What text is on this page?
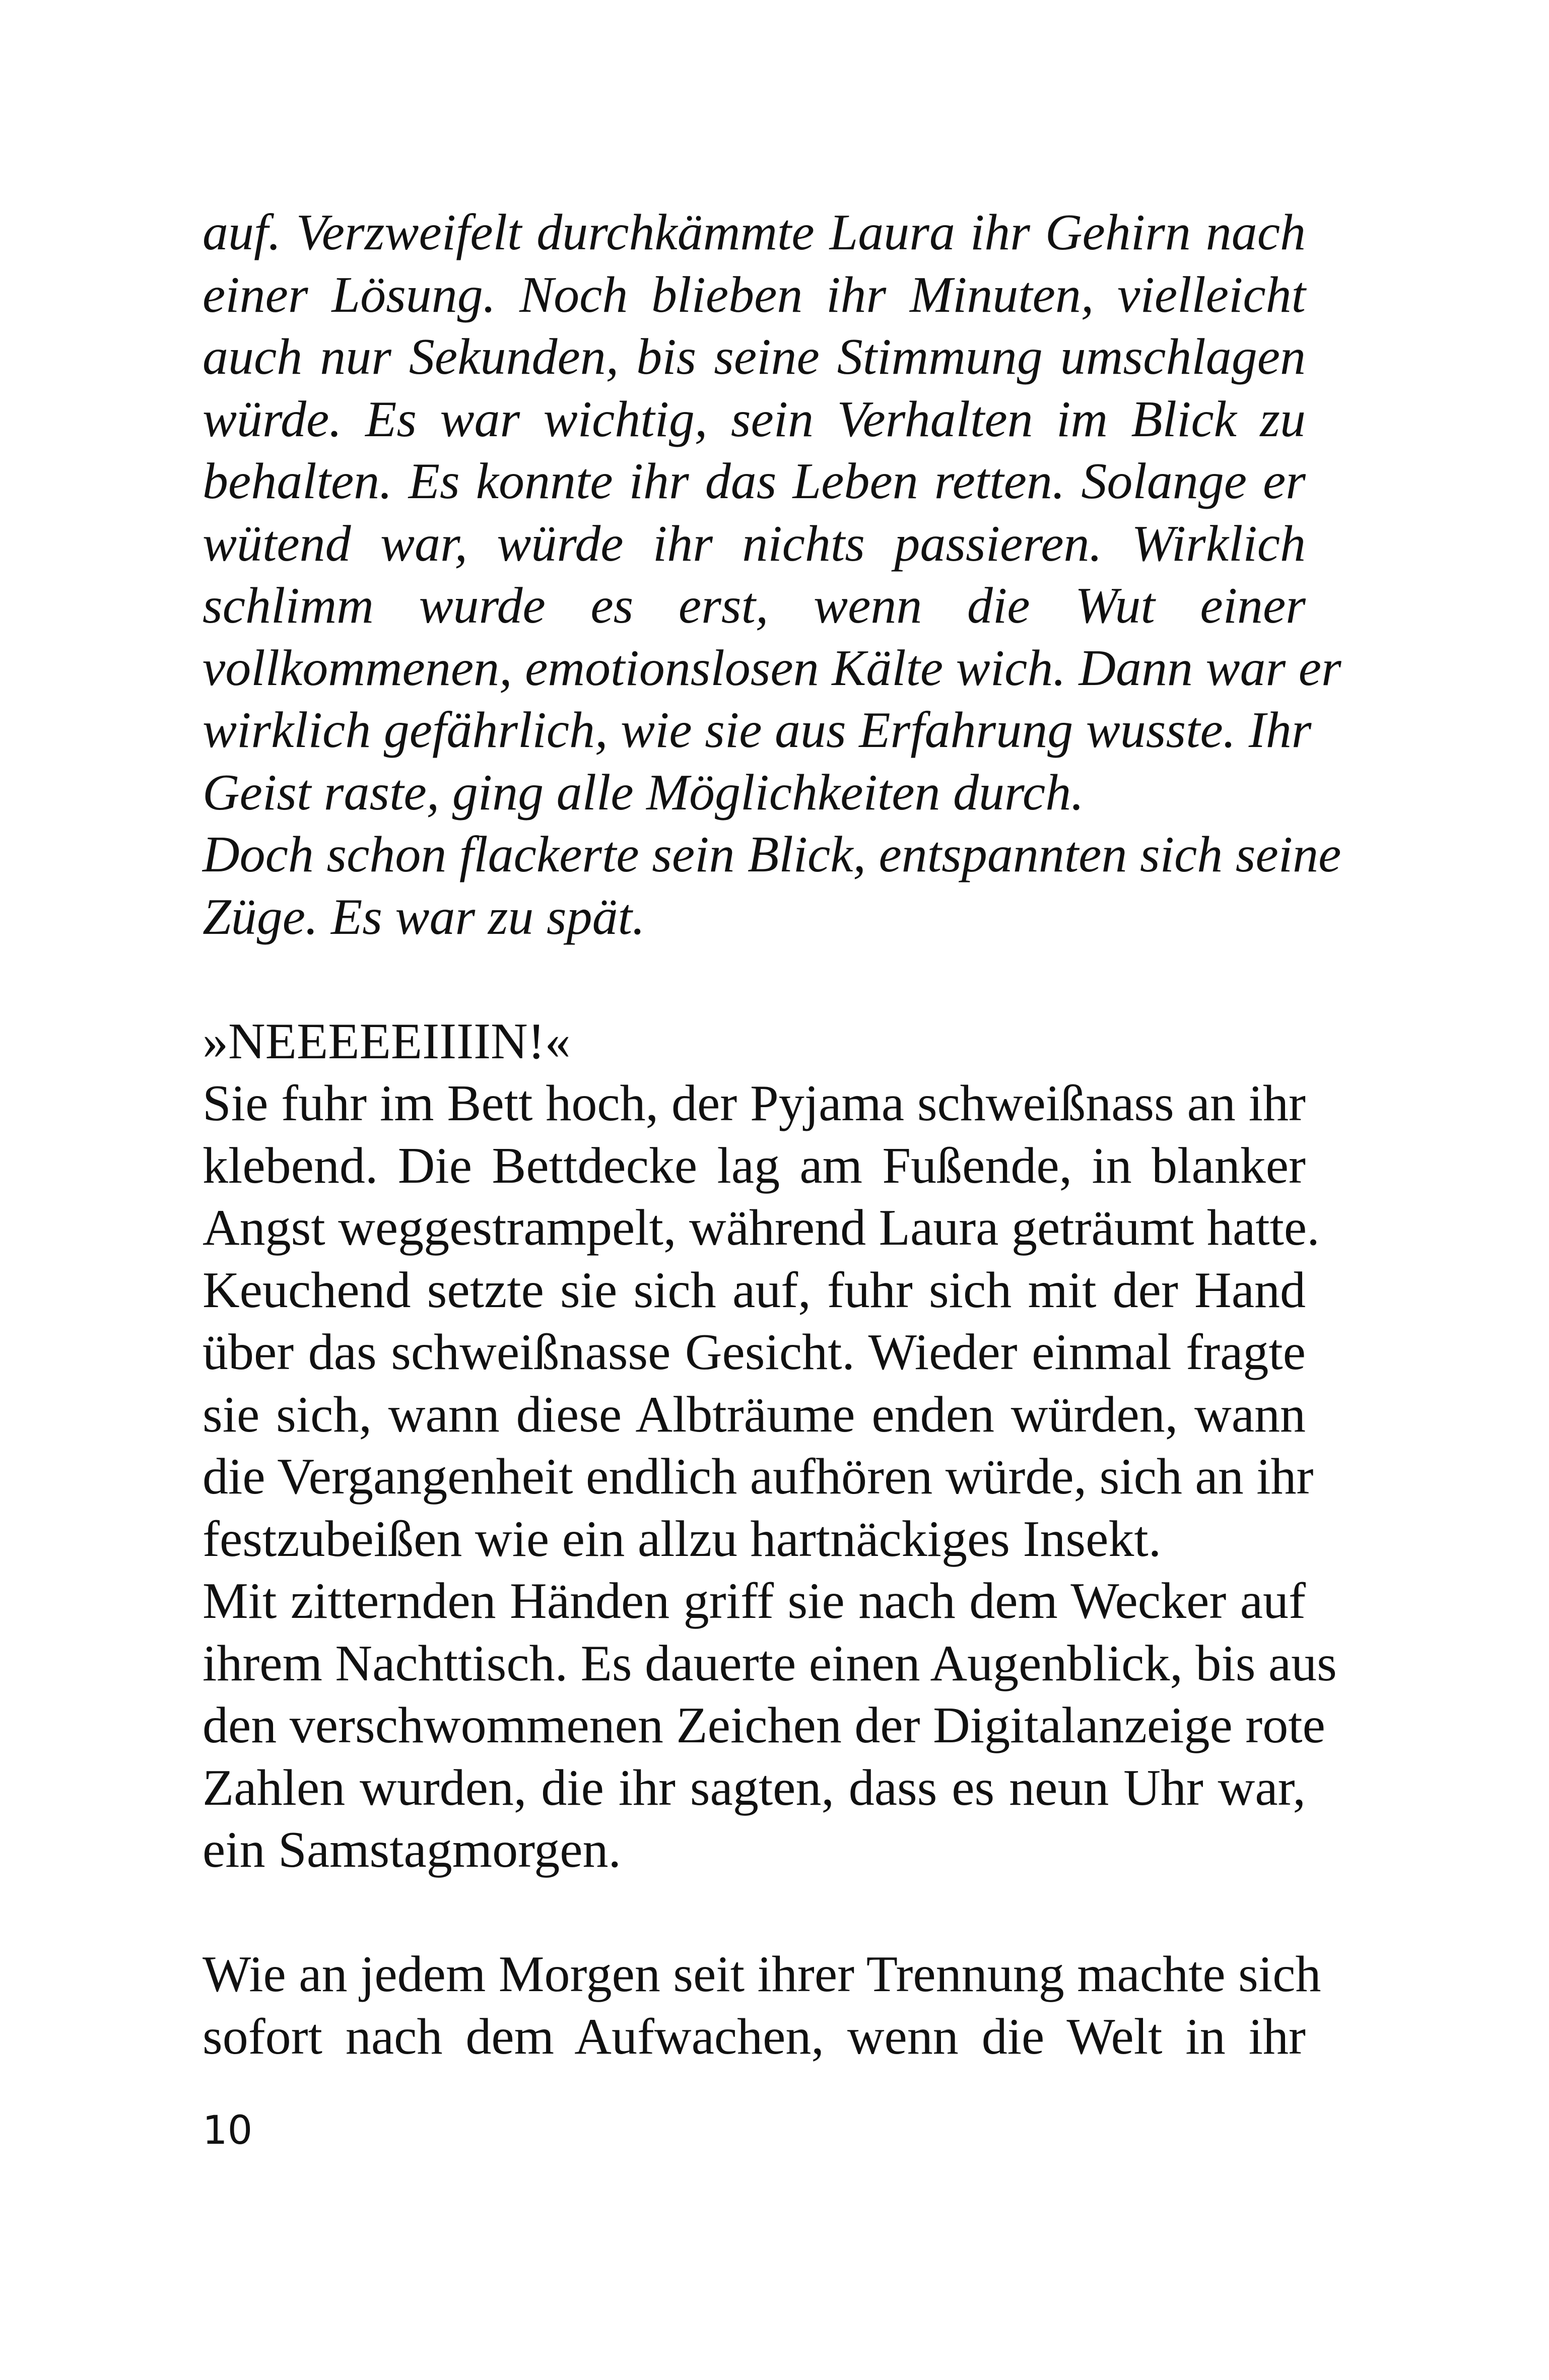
auf. Verzweifelt durchkämmte Laura ihr Gehirn nach
einer Lösung. Noch blieben ihr Minuten, vielleicht
auch nur Sekunden, bis seine Stimmung umschlagen
würde. Es war wichtig, sein Verhalten im Blick zu
behalten. Es konnte ihr das Leben retten. Solange er
wütend war, würde ihr nichts passieren. Wirklich
schlimm wurde es erst, wenn die Wut einer
vollkommenen, emotionslosen Kälte wich. Dann war er
wirklich gefährlich, wie sie aus Erfahrung wusste. Ihr
Geist raste, ging alle Möglichkeiten durch.
Doch schon flackerte sein Blick, entspannten sich seine
Züge. Es war zu spät.
»NEEEEEIIIIN!«
Sie fuhr im Bett hoch, der Pyjama schweißnass an ihr
klebend. Die Bettdecke lag am Fußende, in blanker
Angst weggestrampelt, während Laura geträumt hatte.
Keuchend setzte sie sich auf, fuhr sich mit der Hand
über das schweißnasse Gesicht. Wieder einmal fragte
sie sich, wann diese Albträume enden würden, wann
die Vergangenheit endlich aufhören würde, sich an ihr
festzubeißen wie ein allzu hartnäckiges Insekt.
Mit zitternden Händen griff sie nach dem Wecker auf
ihrem Nachttisch. Es dauerte einen Augenblick, bis aus
den verschwommenen Zeichen der Digitalanzeige rote
Zahlen wurden, die ihr sagten, dass es neun Uhr war,
ein Samstagmorgen.
Wie an jedem Morgen seit ihrer Trennung machte sich
sofort nach dem Aufwachen, wenn die Welt in ihr
10
